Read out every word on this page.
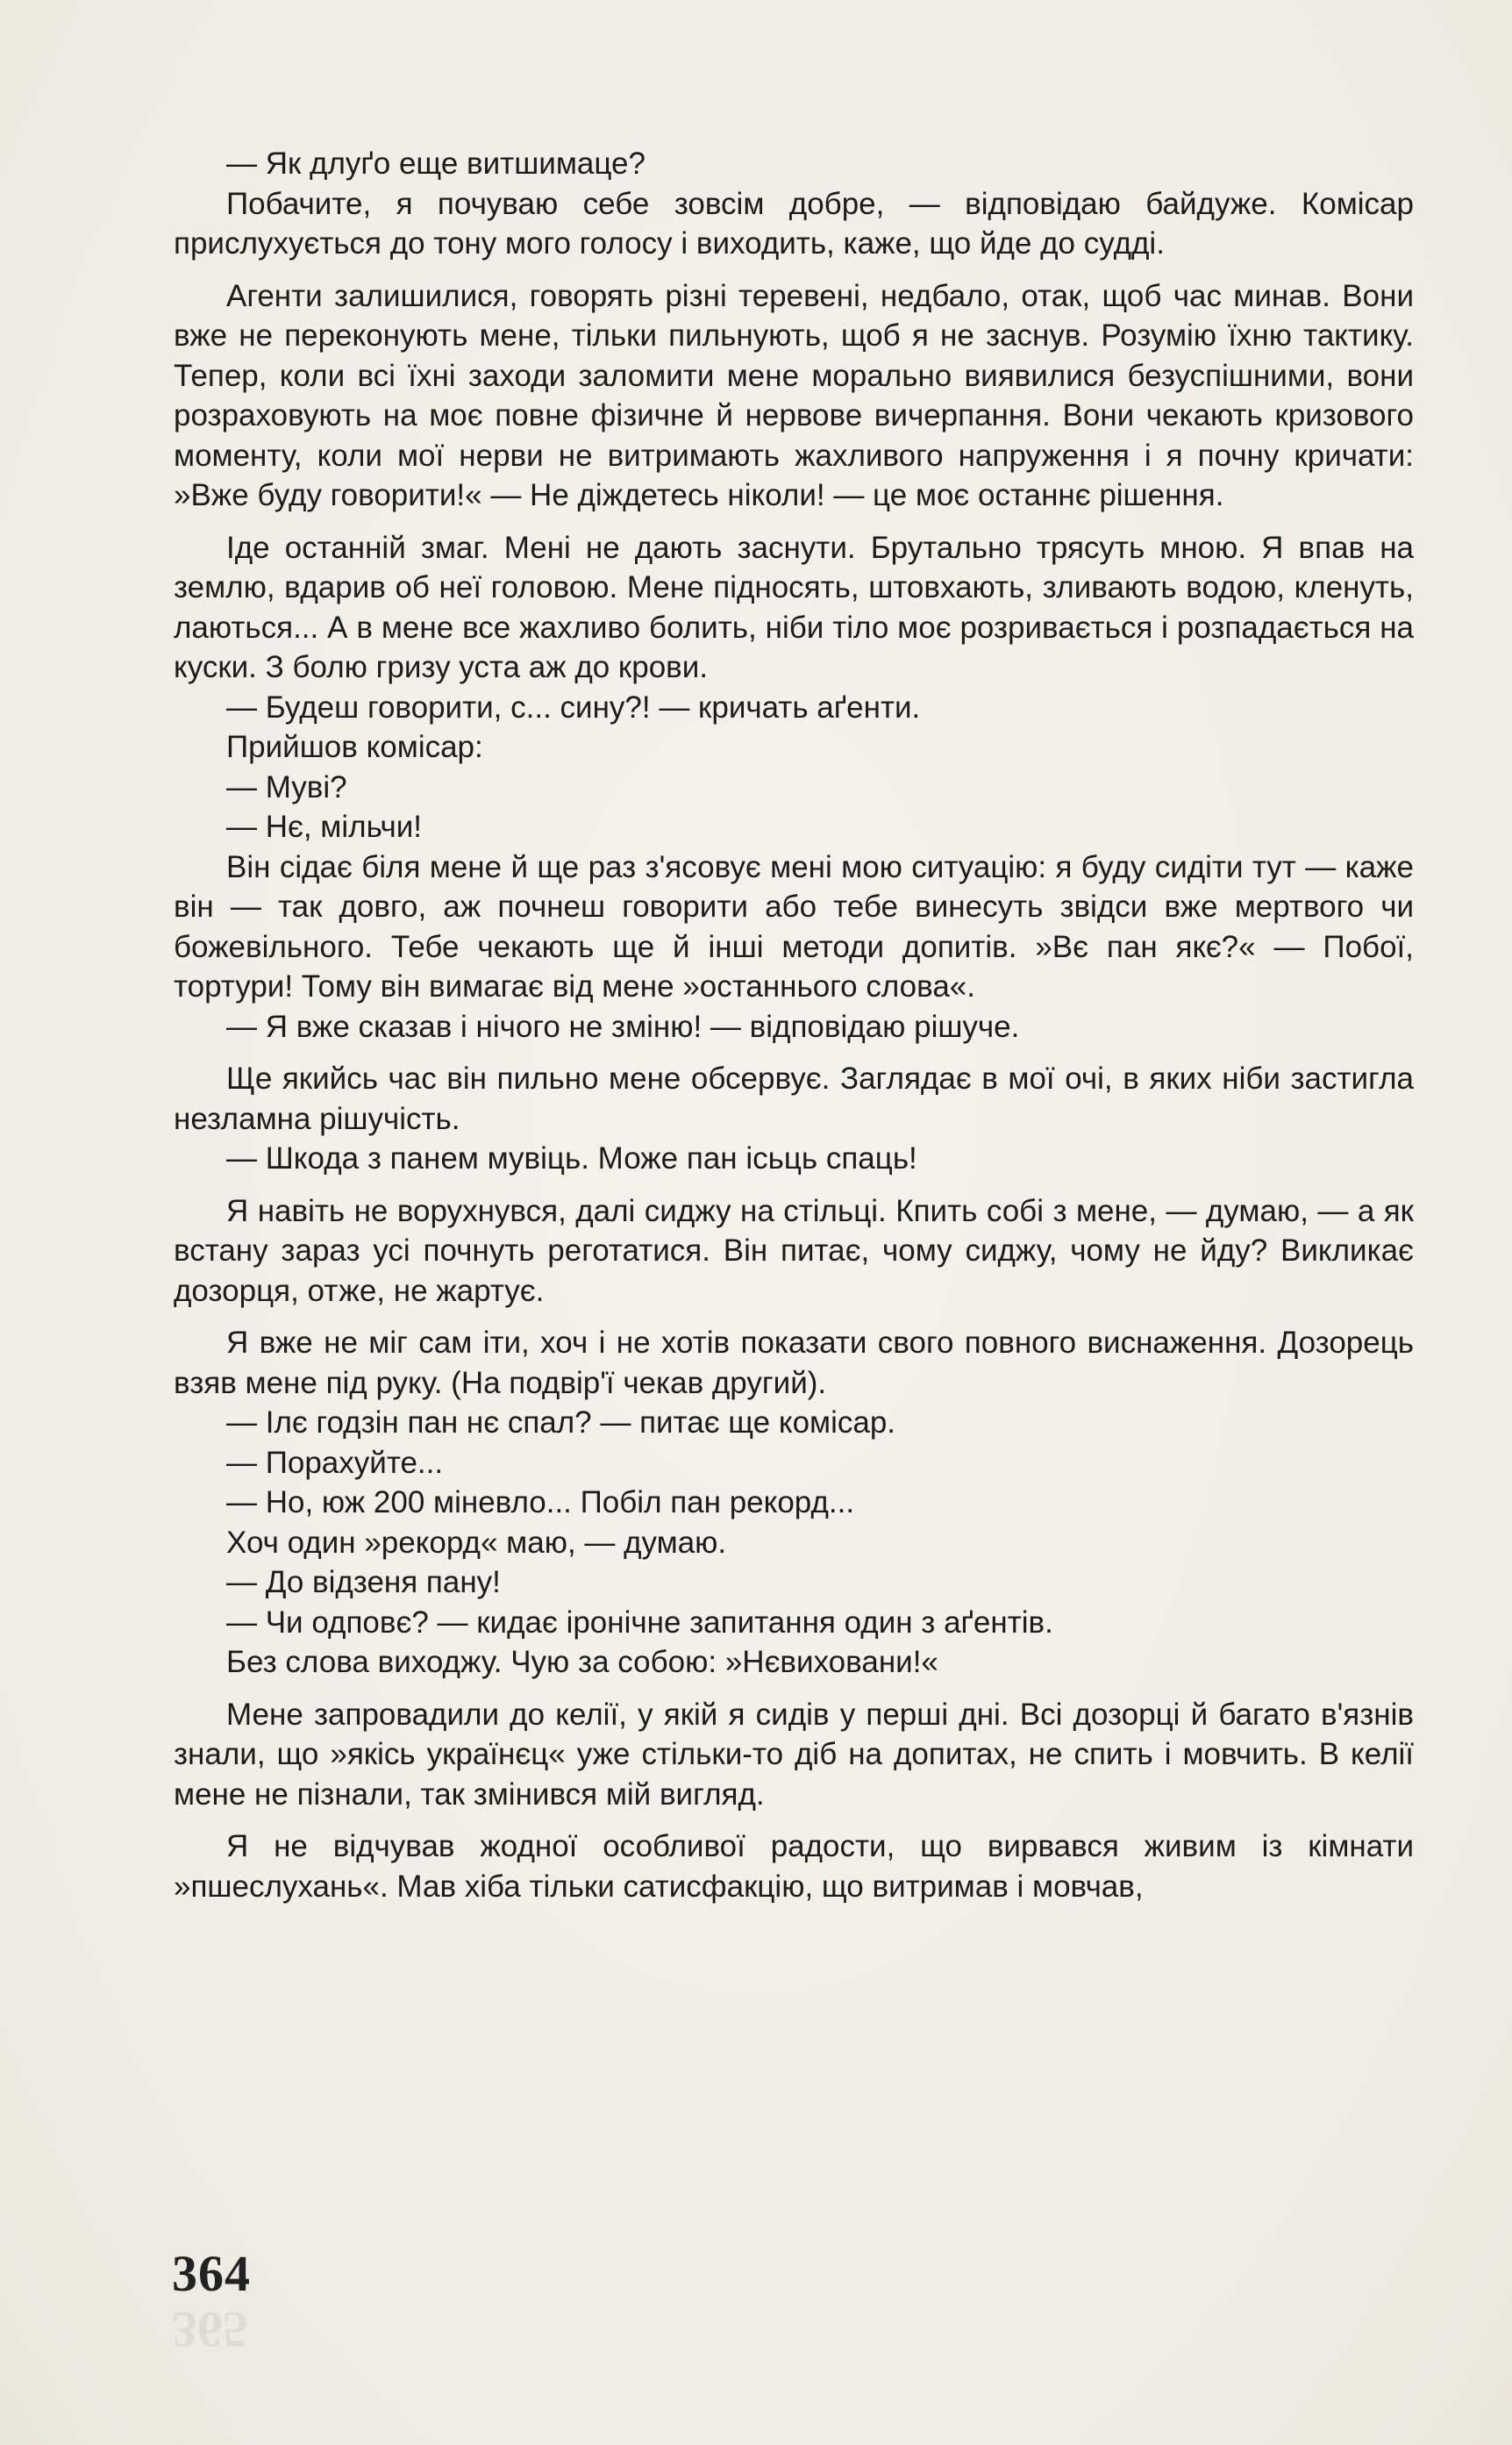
— Як длуґо еще витшимаце?

Побачите, я почуваю себе зовсім добре, — відповідаю байдуже. Комісар прислухується до тону мого голосу і виходить, каже, що йде до судді.

Агенти залишилися, говорять різні теревені, недбало, отак, щоб час минав. Вони вже не переконують мене, тільки пильнують, щоб я не заснув. Розумію їхню тактику. Тепер, коли всі їхні заходи заломити мене морально виявилися безуспішними, вони розраховують на моє повне фізичне й нервове вичерпання. Вони чекають кризового моменту, коли мої нерви не витримають жахливого напруження і я почну кричати: »Вже буду говорити!« — Не діждетесь ніколи! — це моє останнє рішення.

Іде останній змаг. Мені не дають заснути. Брутально трясуть мною. Я впав на землю, вдарив об неї головою. Мене підносять, штовхають, зливають водою, кленуть, лаються... А в мене все жахливо болить, ніби тіло моє розривається і розпадається на куски. З болю гризу уста аж до крови.

— Будеш говорити, с... сину?! — кричать аґенти.

Прийшов комісар:

— Муві?

— Нє, мільчи!

Він сідає біля мене й ще раз з'ясовує мені мою ситуацію: я буду сидіти тут — каже він — так довго, аж почнеш говорити або тебе винесуть звідси вже мертвого чи божевільного. Тебе чекають ще й інші методи допитів. »Вє пан якє?« — Побої, тортури! Тому він вимагає від мене »останнього слова«.

— Я вже сказав і нічого не зміню! — відповідаю рішуче.

Ще якийсь час він пильно мене обсервує. Заглядає в мої очі, в яких ніби застигла незламна рішучість.

— Шкода з панем мувіць. Може пан ісьць спаць!

Я навіть не ворухнувся, далі сиджу на стільці. Кпить собі з мене, — думаю, — а як встану зараз усі почнуть реготатися. Він питає, чому сиджу, чому не йду? Викликає дозорця, отже, не жартує.

Я вже не міг сам іти, хоч і не хотів показати свого повного виснаження. Дозорець взяв мене під руку. (На подвір'ї чекав другий).

— Ілє годзін пан нє спал? — питає ще комісар.

— Порахуйте...

— Но, юж 200 міневло... Побіл пан рекорд...

Хоч один »рекорд« маю, — думаю.

— До відзеня пану!

— Чи одповє? — кидає іронічне запитання один з аґентів.

Без слова виходжу. Чую за собою: »Нєвиховани!«

Мене запровадили до келії, у якій я сидів у перші дні. Всі дозорці й багато в'язнів знали, що »якісь українєц« уже стільки-то діб на допитах, не спить і мовчить. В келії мене не пізнали, так змінився мій вигляд.

Я не відчував жодної особливої радости, що вирвався живим із кімнати »пшеслухань«. Мав хіба тільки сатисфакцію, що витримав і мовчав,

364
365
